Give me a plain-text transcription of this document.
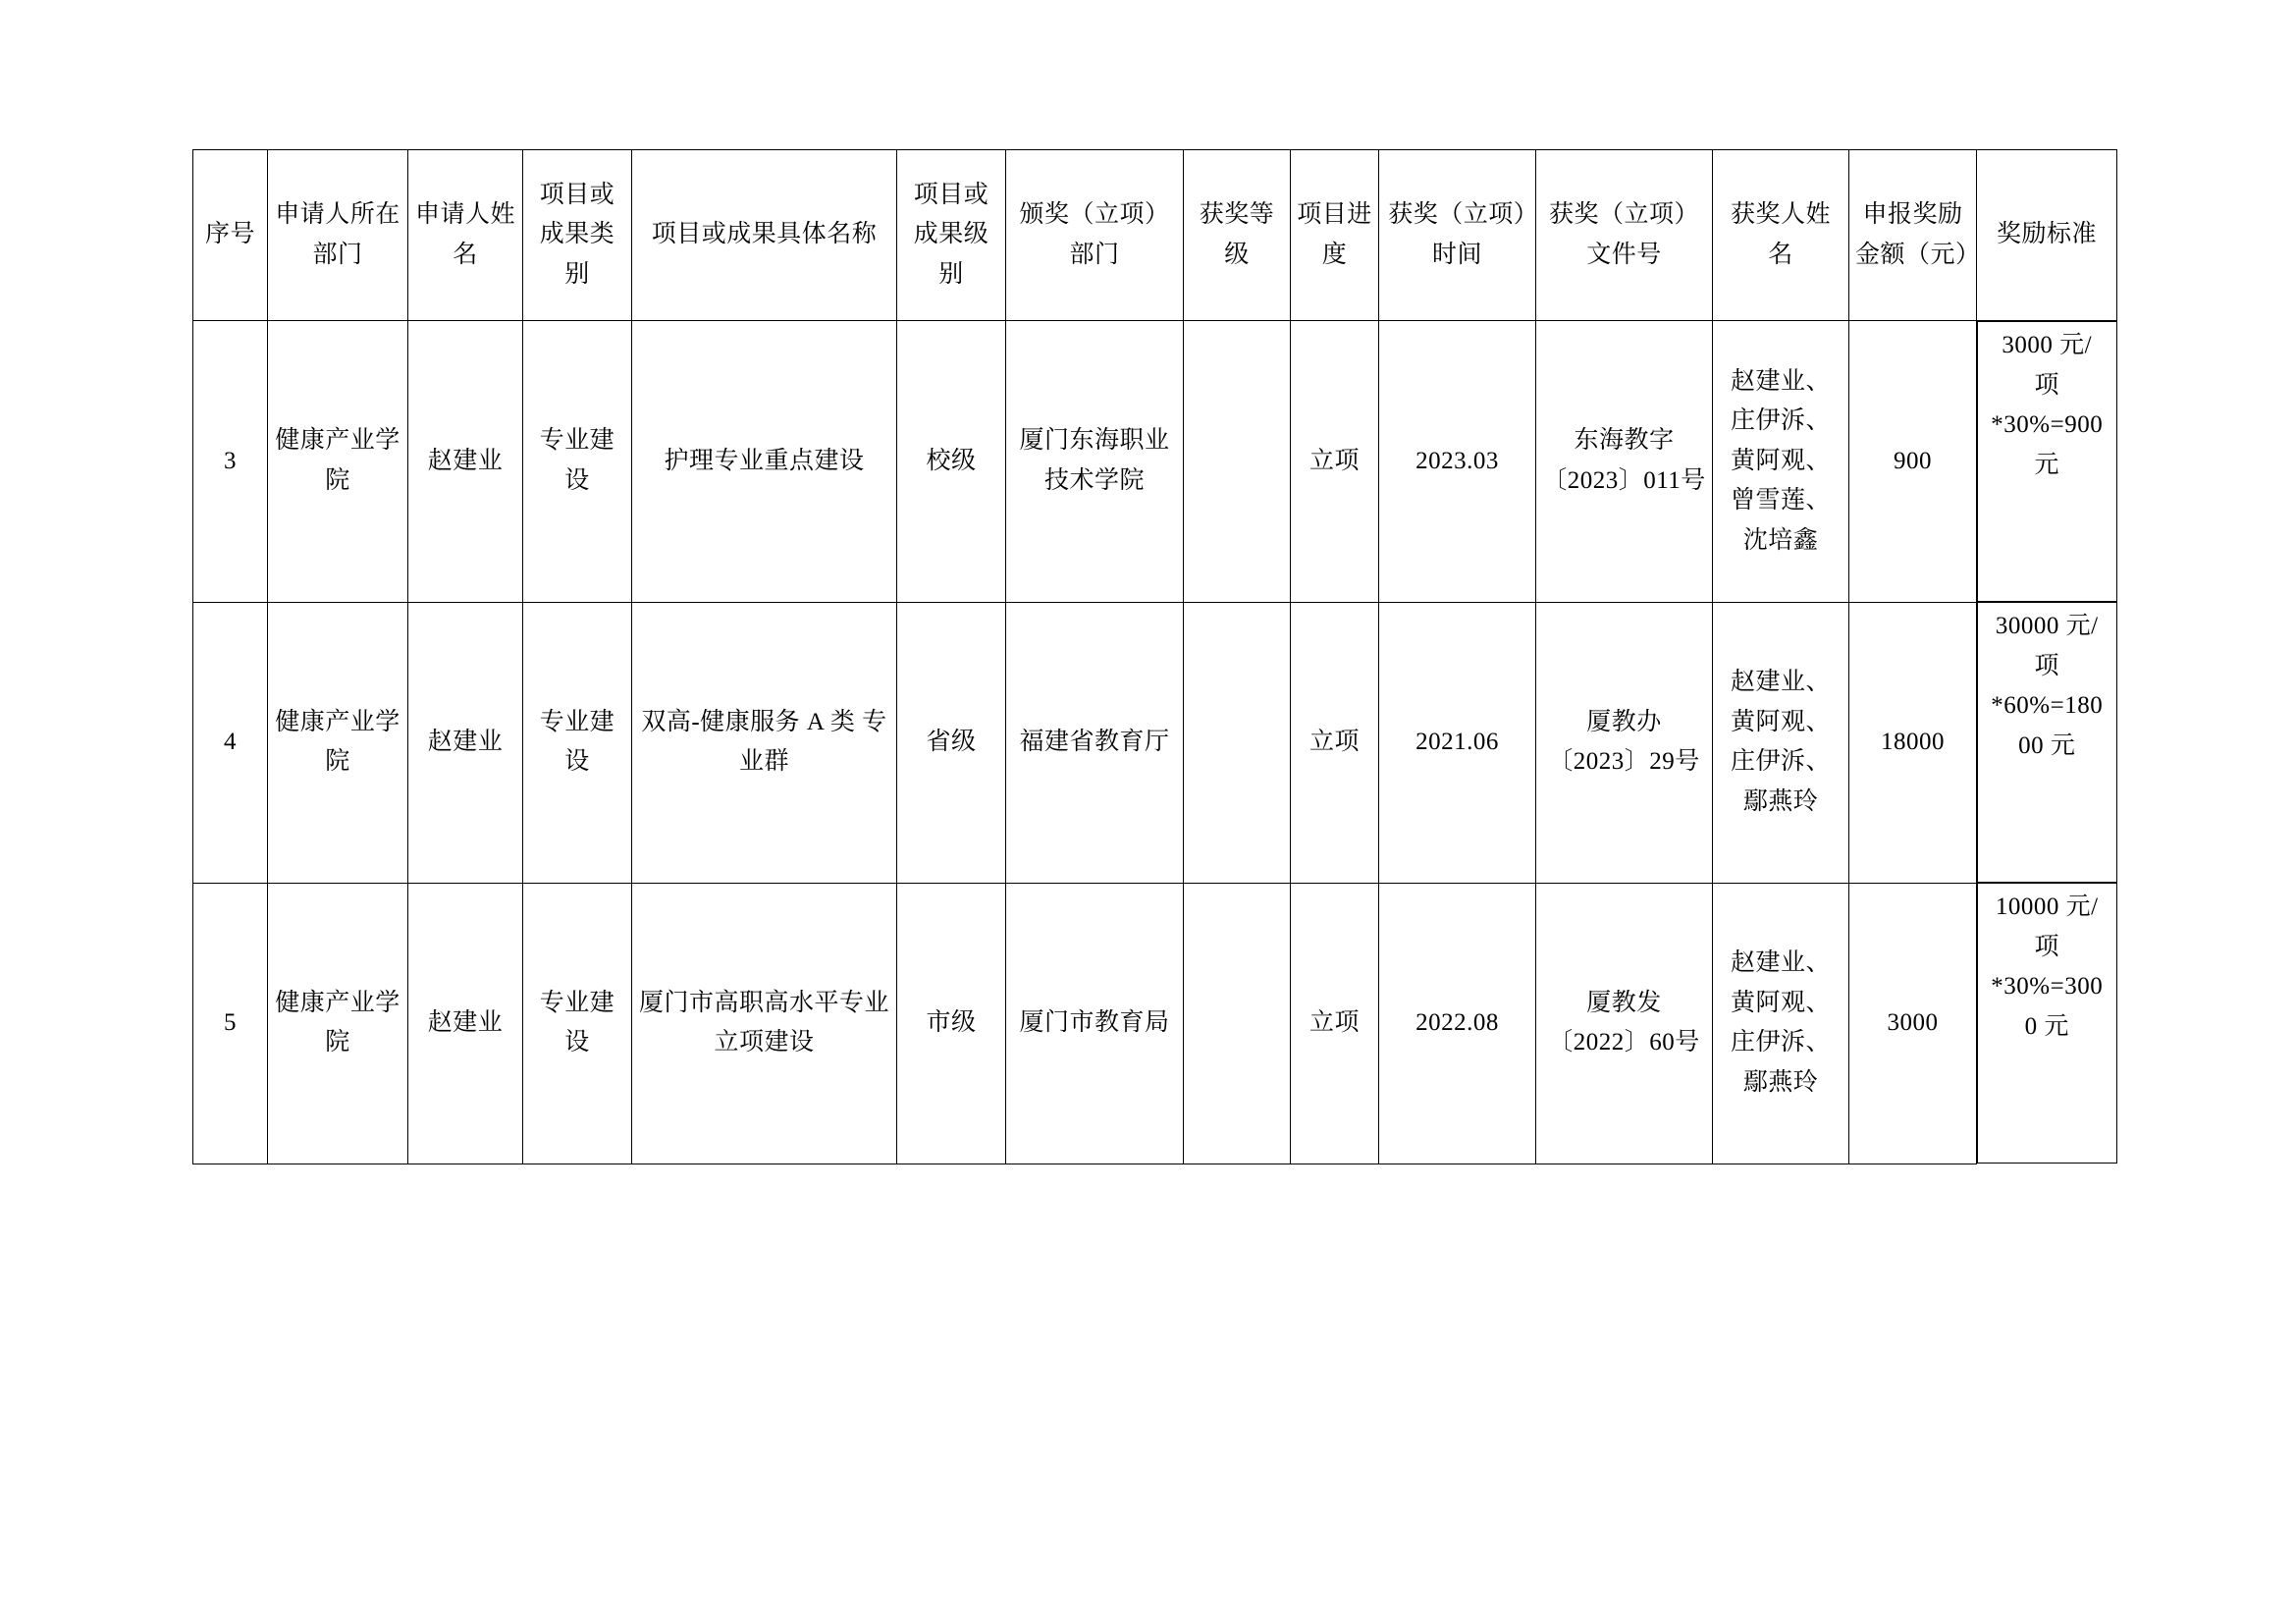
序号	申请人所在部门	申请人姓名	项目或成果类别	项目或成果具体名称	项目或成果级别	颁奖（立项）部门	获奖等级	项目进度	获奖（立项）时间	获奖（立项）文件号	获奖人姓名	申报奖励金额（元）	奖励标准
3	健康产业学院	赵建业	专业建设	护理专业重点建设	校级	厦门东海职业技术学院		立项	2023.03	东海教字〔2023〕011号	赵建业、
庄伊泝、
黄阿观、
曾雪莲、
沈培鑫	900	
3000 元/
项
*30%=900
元

4	健康产业学院	赵建业	专业建设	双高-健康服务 A 类 专业群	省级	福建省教育厅		立项	2021.06	厦教办〔2023〕29号	赵建业、
黄阿观、
庄伊泝、
鄢燕玲	18000	
30000 元/
项
*60%=180
00 元

5	健康产业学院	赵建业	专业建设	厦门市高职高水平专业立项建设	市级	厦门市教育局		立项	2022.08	厦教发〔2022〕60号	赵建业、
黄阿观、
庄伊泝、
鄢燕玲	3000	
10000 元/
项
*30%=300
0 元
